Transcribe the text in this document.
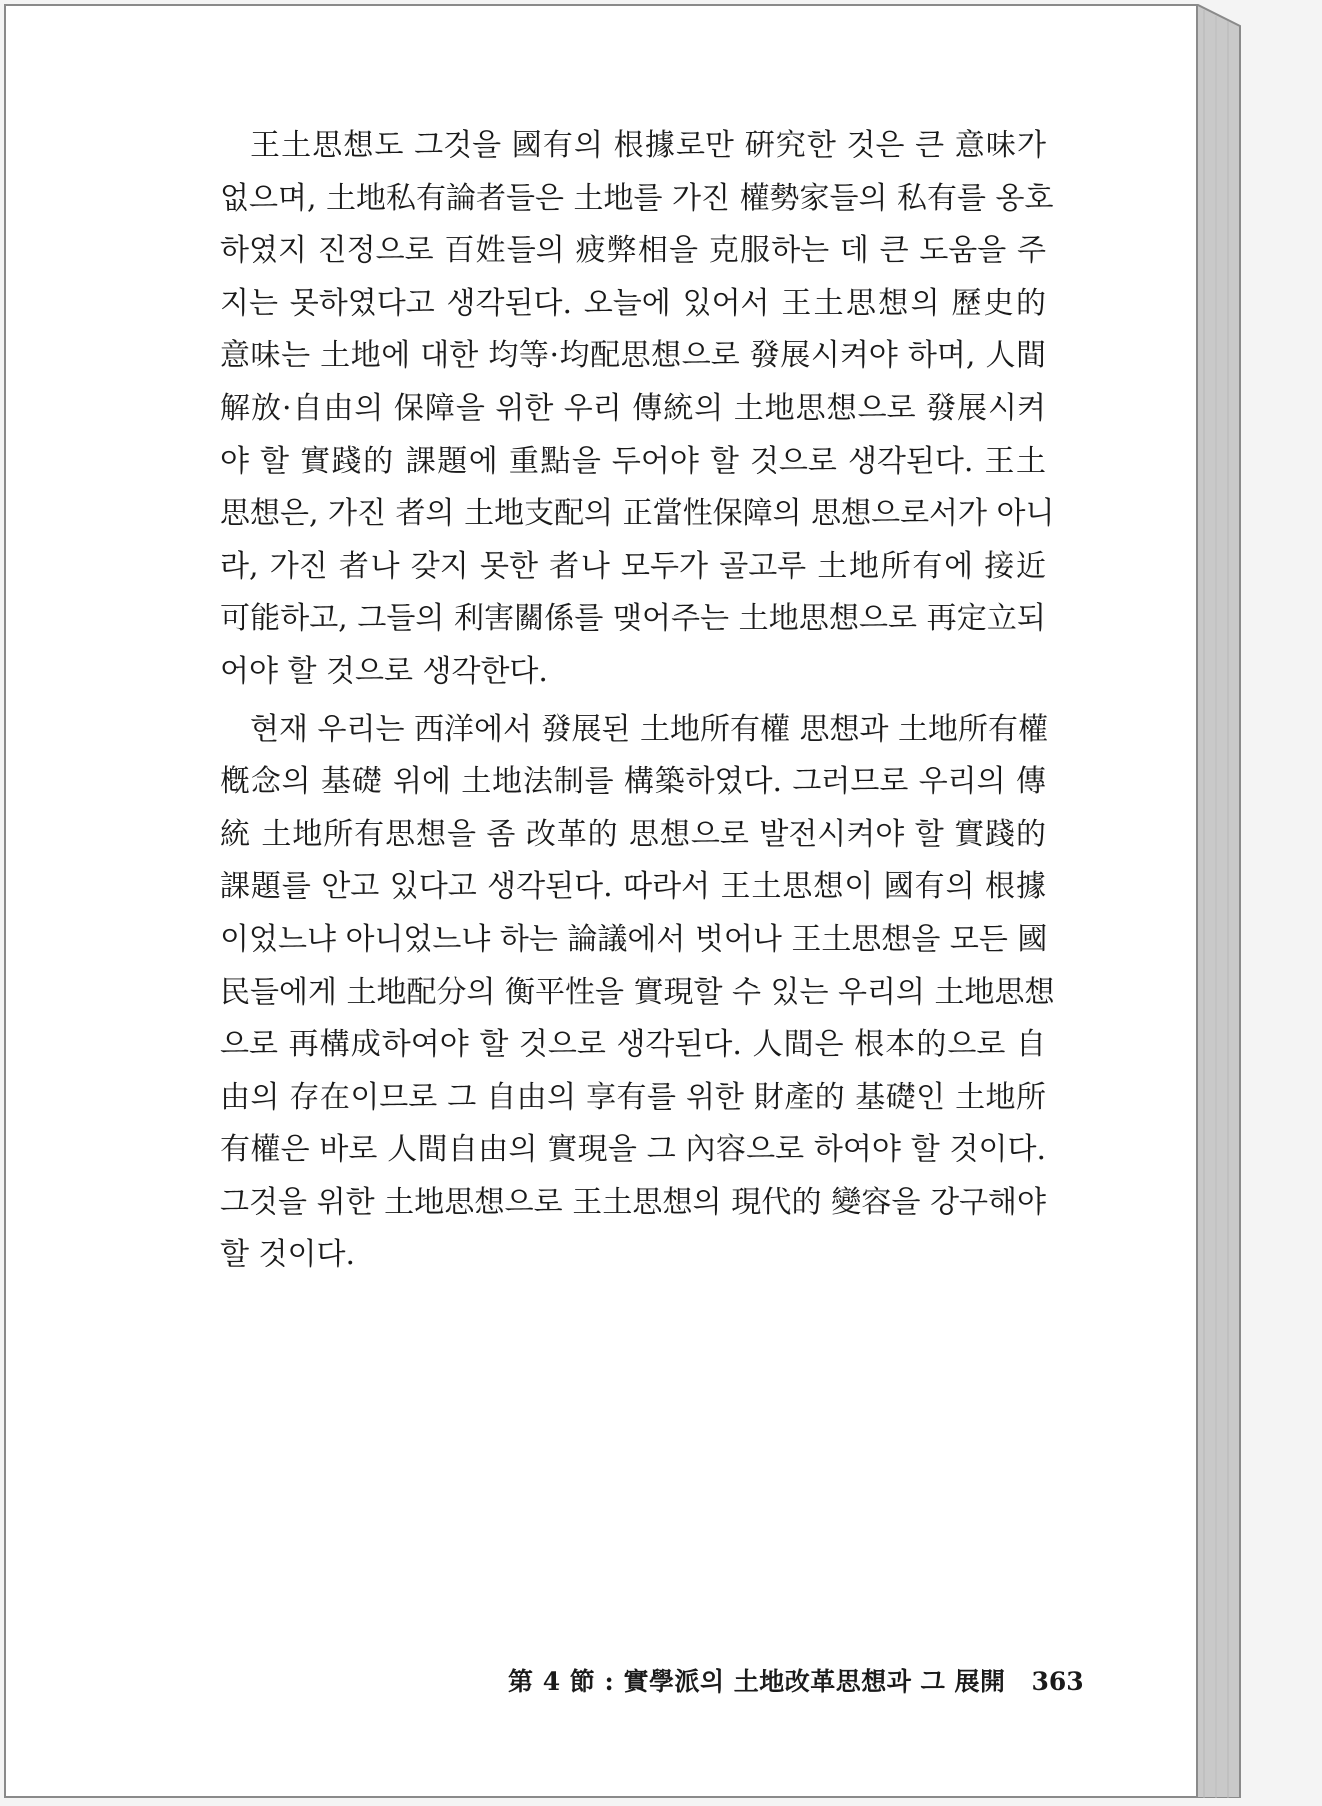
王土思想도 그것을 國有의 根據로만 硏究한 것은 큰 意味가
없으며, 土地私有論者들은 土地를 가진 權勢家들의 私有를 옹호
하였지 진정으로 百姓들의 疲弊相을 克服하는 데 큰 도움을 주
지는 못하였다고 생각된다. 오늘에 있어서 王土思想의 歷史的
意味는 土地에 대한 均等·均配思想으로 發展시켜야 하며, 人間
解放·自由의 保障을 위한 우리 傳統의 土地思想으로 發展시켜
야 할 實踐的 課題에 重點을 두어야 할 것으로 생각된다. 王土
思想은, 가진 者의 土地支配의 正當性保障의 思想으로서가 아니
라, 가진 者나 갖지 못한 者나 모두가 골고루 土地所有에 接近
可能하고, 그들의 利害關係를 맺어주는 土地思想으로 再定立되
어야 할 것으로 생각한다.
현재 우리는 西洋에서 發展된 土地所有權 思想과 土地所有權
槪念의 基礎 위에 土地法制를 構築하였다. 그러므로 우리의 傳
統 土地所有思想을 좀 改革的 思想으로 발전시켜야 할 實踐的
課題를 안고 있다고 생각된다. 따라서 王土思想이 國有의 根據
이었느냐 아니었느냐 하는 論議에서 벗어나 王土思想을 모든 國
民들에게 土地配分의 衡平性을 實現할 수 있는 우리의 土地思想
으로 再構成하여야 할 것으로 생각된다. 人間은 根本的으로 自
由의 存在이므로 그 自由의 享有를 위한 財產的 基礎인 土地所
有權은 바로 人間自由의 實現을 그 內容으로 하여야 할 것이다.
그것을 위한 土地思想으로 王土思想의 現代的 變容을 강구해야
할 것이다.
第 4 節 : 實學派의 土地改革思想과 그 展開 363
